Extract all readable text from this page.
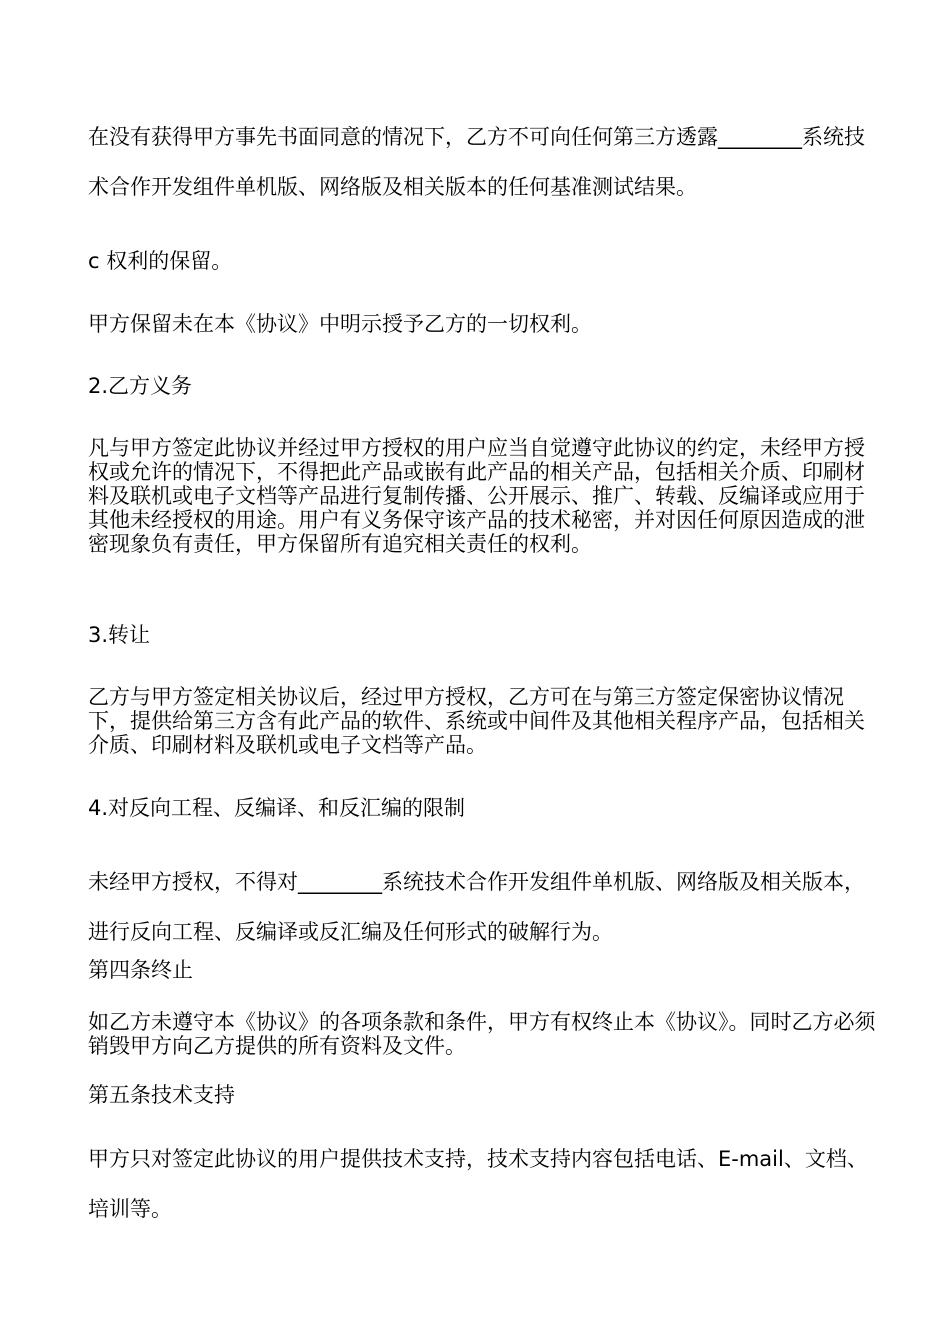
在没有获得甲方事先书面同意的情况下，乙方不可向任何第三方透露________系统技术合作开发组件单机版、网络版及相关版本的任何基准测试结果。
c 权利的保留。
甲方保留未在本《协议》中明示授予乙方的一切权利。
2.乙方义务
凡与甲方签定此协议并经过甲方授权的用户应当自觉遵守此协议的约定，未经甲方授权或允许的情况下，不得把此产品或嵌有此产品的相关产品，包括相关介质、印刷材料及联机或电子文档等产品进行复制传播、公开展示、推广、转载、反编译或应用于其他未经授权的用途。用户有义务保守该产品的技术秘密，并对因任何原因造成的泄密现象负有责任，甲方保留所有追究相关责任的权利。
3.转让
乙方与甲方签定相关协议后，经过甲方授权，乙方可在与第三方签定保密协议情况下，提供给第三方含有此产品的软件、系统或中间件及其他相关程序产品，包括相关介质、印刷材料及联机或电子文档等产品。
4.对反向工程、反编译、和反汇编的限制
未经甲方授权，不得对________系统技术合作开发组件单机版、网络版及相关版本，进行反向工程、反编译或反汇编及任何形式的破解行为。
第四条终止
如乙方未遵守本《协议》的各项条款和条件，甲方有权终止本《协议》。同时乙方必须销毁甲方向乙方提供的所有资料及文件。
第五条技术支持
甲方只对签定此协议的用户提供技术支持，技术支持内容包括电话、E-mail、文档、培训等。
